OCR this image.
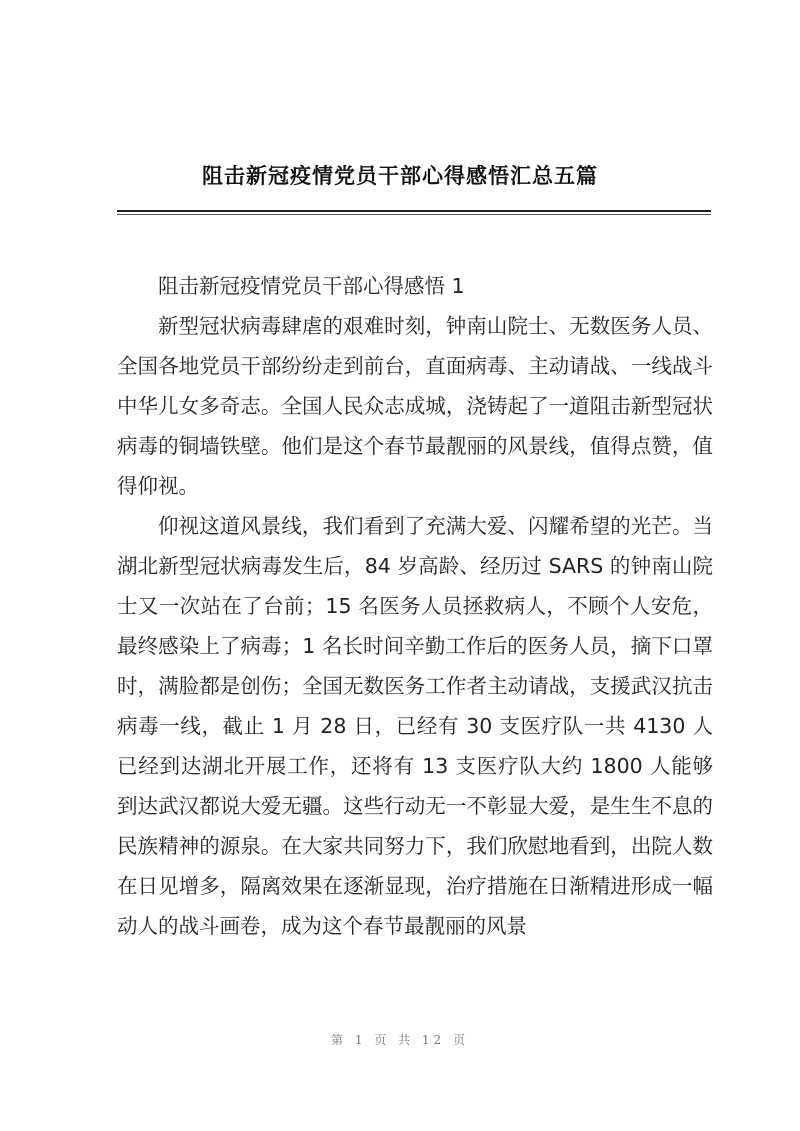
阻击新冠疫情党员干部心得感悟汇总五篇

阻击新冠疫情党员干部心得感悟 1

新型冠状病毒肆虐的艰难时刻，钟南山院士、无数医务人员、全国各地党员干部纷纷走到前台，直面病毒、主动请战、一线战斗中华儿女多奇志。全国人民众志成城，浇铸起了一道阻击新型冠状病毒的铜墙铁壁。他们是这个春节最靓丽的风景线，值得点赞，值得仰视。

仰视这道风景线，我们看到了充满大爱、闪耀希望的光芒。当湖北新型冠状病毒发生后，84 岁高龄、经历过 SARS 的钟南山院士又一次站在了台前；15 名医务人员拯救病人，不顾个人安危，最终感染上了病毒；1 名长时间辛勤工作后的医务人员，摘下口罩时，满脸都是创伤；全国无数医务工作者主动请战，支援武汉抗击病毒一线，截止 1 月 28 日，已经有 30 支医疗队一共 4130 人已经到达湖北开展工作，还将有 13 支医疗队大约 1800 人能够到达武汉都说大爱无疆。这些行动无一不彰显大爱，是生生不息的民族精神的源泉。在大家共同努力下，我们欣慰地看到，出院人数在日见增多，隔离效果在逐渐显现，治疗措施在日渐精进形成一幅动人的战斗画卷，成为这个春节最靓丽的风景

第 1 页 共 12 页
